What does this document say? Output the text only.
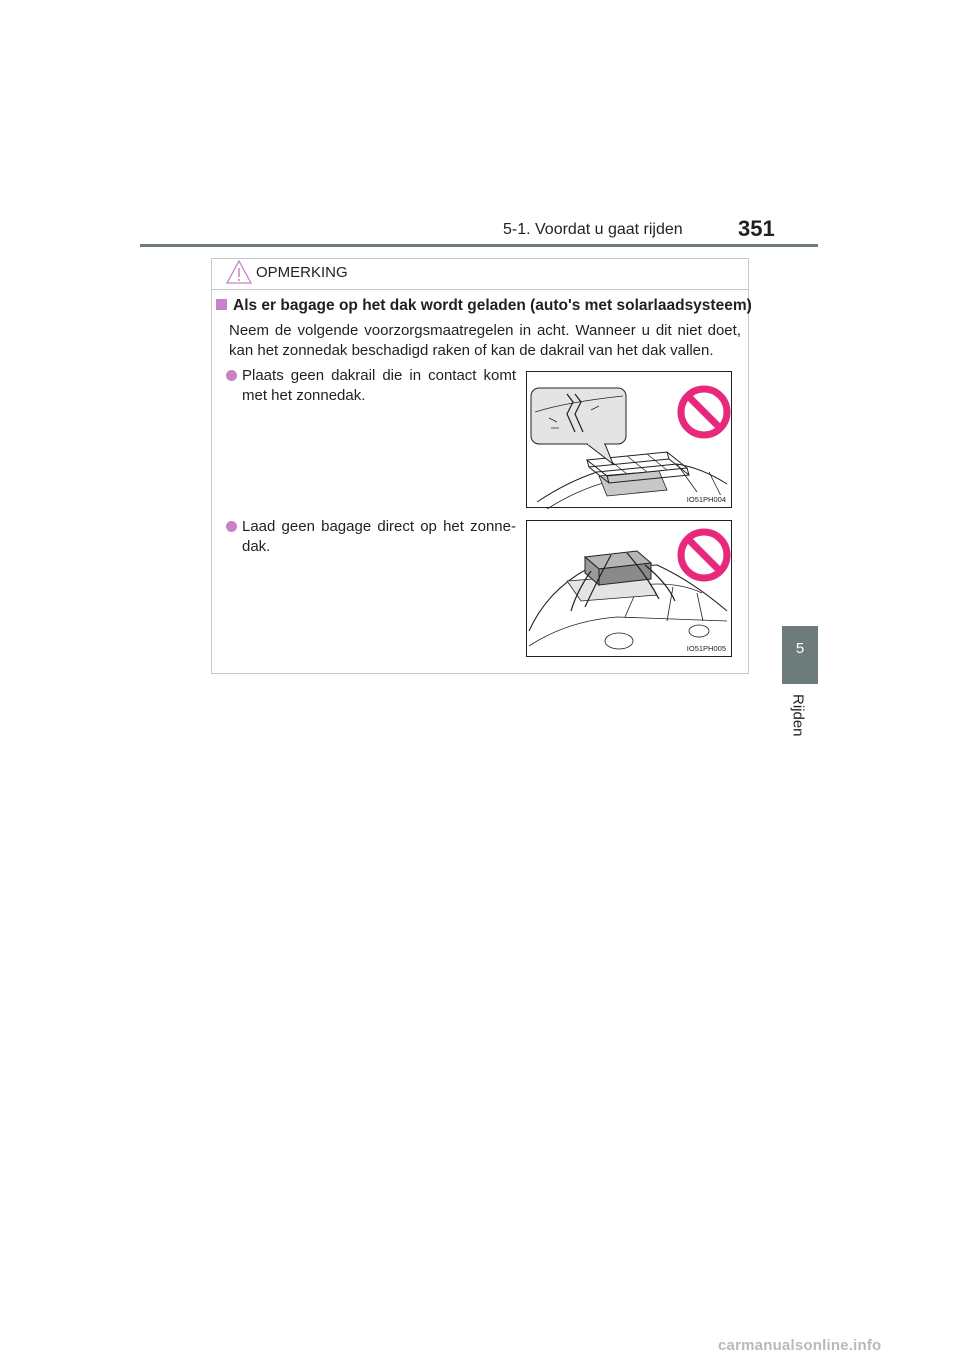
5-1. Voordat u gaat rijden	351
5
Rijden
OPMERKING
Als er bagage op het dak wordt geladen (auto's met solarlaadsysteem)
Neem de volgende voorzorgsmaatregelen in acht. Wanneer u dit niet doet, kan het zonnedak beschadigd raken of kan de dakrail van het dak vallen.
Plaats geen dakrail die in contact komt met het zonnedak.
IO51PH004
Laad geen bagage direct op het zonne-dak.
IO51PH005
carmanualsonline.info
